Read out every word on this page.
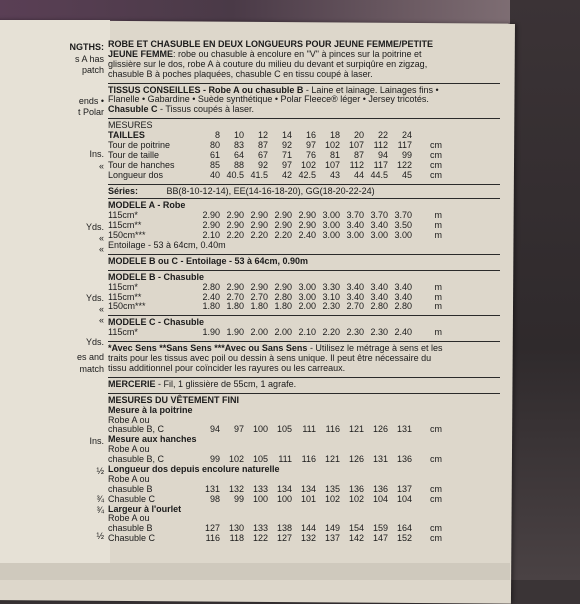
NGTHS:
s A has
patch
ends •
t Polar
Ins.
«
Yds.
«
«
Yds.
«
«
Yds.
es and
match
Ins.
½
¾
¾
½
ROBE ET CHASUBLE EN DEUX LONGUEURS POUR JEUNE FEMME/PETITE
JEUNE FEMME: robe ou chasuble à encolure en "V" à pinces sur la poitrine et
glissière sur le dos, robe A à couture du milieu du devant et surpiqûre en zigzag,
chasuble B à poches plaquées, chasuble C en tissu coupé à laser.
TISSUS CONSEILLES - Robe A ou chasuble B - Laine et lainage. Lainages fins •
Flanelle • Gabardine • Suède synthétique • Polar Fleece® léger • Jersey tricotés.
Chasuble C - Tissus coupés à laser.
MESURES
TAILLES	8	10	12	14	16	18	20	22	24
Tour de poitrine	80	83	87	92	97 102 107	112	117	cm
Tour de taille	61	64	67	71	76	81	87	94	99	cm
Tour de hanches	85	88	92	97 102 107	112	117 122	cm
Longueur dos	40 40.5 41.5	42 42.5	43	44 44.5	45	cm
Séries:	BB(8-10-12-14), EE(14-16-18-20), GG(18-20-22-24)
MODELE A - Robe
115cm*	2.90 2.90 2.90 2.90 2.90 3.00 3.70 3.70 3.70	m
115cm**	2.90 2.90 2.90 2.90 2.90 3.00 3.40 3.40 3.50	m
150cm***	2.10 2.20 2.20 2.20 2.40 3.00 3.00 3.00 3.00	m
Entoilage - 53 à 64cm, 0.40m
MODELE B ou C - Entoilage - 53 à 64cm, 0.90m
MODELE B - Chasuble
115cm*	2.80 2.90 2.90 2.90 3.00 3.30 3.40 3.40 3.40	m
115cm**	2.40 2.70 2.70 2.80 3.00 3.10 3.40 3.40 3.40	m
150cm***	1.80 1.80 1.80 1.80 2.00 2.30 2.70 2.80 2.80	m
MODELE C - Chasuble
115cm*	1.90 1.90 2.00 2.00 2.10 2.20 2.30 2.30 2.40	m
*Avec Sens **Sans Sens ***Avec ou Sans Sens - Utilisez le métrage à sens et les
traits pour les tissus avec poil ou dessin à sens unique. Il peut être nécessaire du
tissu additionnel pour coïncider les rayures ou les carreaux.
MERCERIE - Fil, 1 glissière de 55cm, 1 agrafe.
MESURES DU VÊTEMENT FINI
Mesure à la poitrine
Robe A ou
chasuble B, C	94	97 100 105	111	116 121 126 131	cm
Mesure aux hanches
Robe A ou
chasuble B, C	99 102 105	111	116 121 126 131 136	cm
Longueur dos depuis encolure naturelle
Robe A ou
chasuble B	131 132 133 134 134 135 136 136 137	cm
Chasuble C	98	99 100 100 101 102 102 104 104	cm
Largeur à l'ourlet
Robe A ou
chasuble B	127 130 133 138 144 149 154 159 164	cm
Chasuble C	116	118 122 127 132 137 142 147 152	cm
